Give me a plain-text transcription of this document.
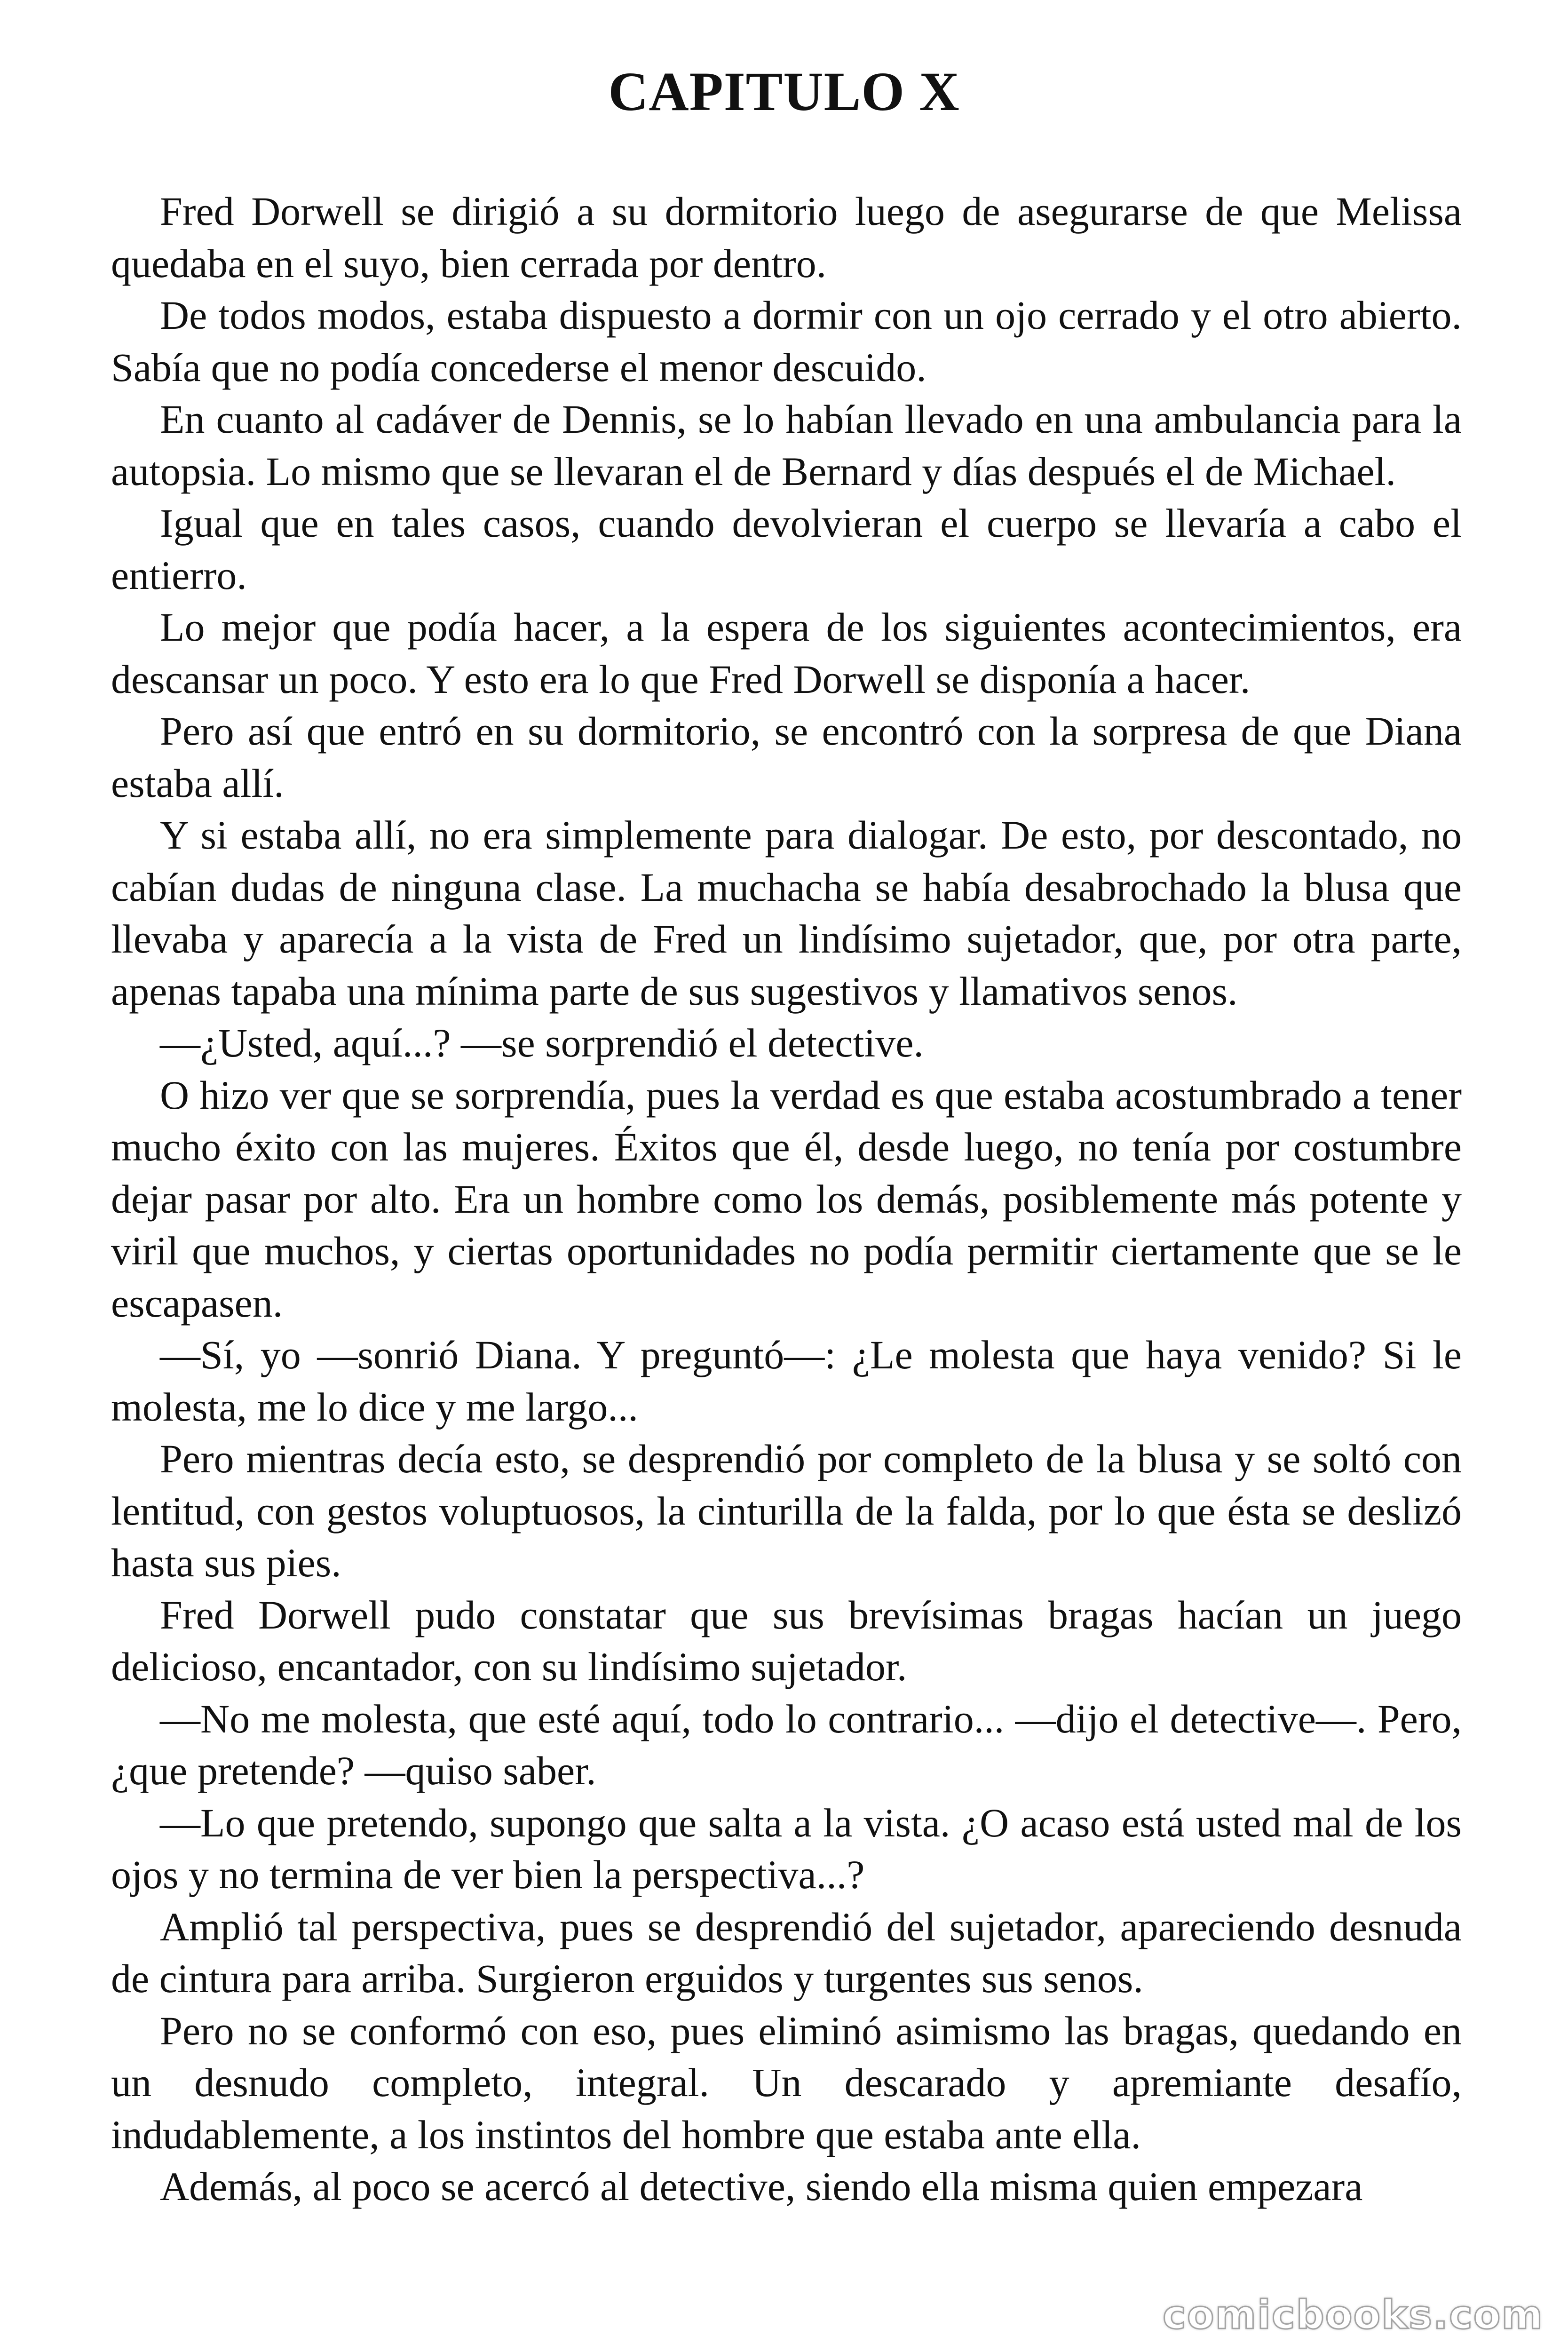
CAPITULO X

Fred Dorwell se dirigió a su dormitorio luego de asegurarse de que Melissa quedaba en el suyo, bien cerrada por dentro.

De todos modos, estaba dispuesto a dormir con un ojo cerrado y el otro abierto. Sabía que no podía concederse el menor descuido.

En cuanto al cadáver de Dennis, se lo habían llevado en una ambulancia para la autopsia. Lo mismo que se llevaran el de Bernard y días después el de Michael.

Igual que en tales casos, cuando devolvieran el cuerpo se llevaría a cabo el entierro.

Lo mejor que podía hacer, a la espera de los siguientes acontecimientos, era descansar un poco. Y esto era lo que Fred Dorwell se disponía a hacer.

Pero así que entró en su dormitorio, se encontró con la sorpresa de que Diana estaba allí.

Y si estaba allí, no era simplemente para dialogar. De esto, por descontado, no cabían dudas de ninguna clase. La muchacha se había desabrochado la blusa que llevaba y aparecía a la vista de Fred un lindísimo sujetador, que, por otra parte, apenas tapaba una mínima parte de sus sugestivos y llamativos senos.

—¿Usted, aquí...? —se sorprendió el detective.

O hizo ver que se sorprendía, pues la verdad es que estaba acostumbrado a tener mucho éxito con las mujeres. Éxitos que él, desde luego, no tenía por costumbre dejar pasar por alto. Era un hombre como los demás, posiblemente más potente y viril que muchos, y ciertas oportunidades no podía permitir ciertamente que se le escapasen.

—Sí, yo —sonrió Diana. Y preguntó—: ¿Le molesta que haya venido? Si le molesta, me lo dice y me largo...

Pero mientras decía esto, se desprendió por completo de la blusa y se soltó con lentitud, con gestos voluptuosos, la cinturilla de la falda, por lo que ésta se deslizó hasta sus pies.

Fred Dorwell pudo constatar que sus brevísimas bragas hacían un juego delicioso, encantador, con su lindísimo sujetador.

—No me molesta, que esté aquí, todo lo contrario... —dijo el detective—. Pero, ¿que pretende? —quiso saber.

—Lo que pretendo, supongo que salta a la vista. ¿O acaso está usted mal de los ojos y no termina de ver bien la perspectiva...?

Amplió tal perspectiva, pues se desprendió del sujetador, apareciendo desnuda de cintura para arriba. Surgieron erguidos y turgentes sus senos.

Pero no se conformó con eso, pues eliminó asimismo las bragas, quedando en un desnudo completo, integral. Un descarado y apremiante desafío, indudablemente, a los instintos del hombre que estaba ante ella.

Además, al poco se acercó al detective, siendo ella misma quien empezara

comicbooks.com
